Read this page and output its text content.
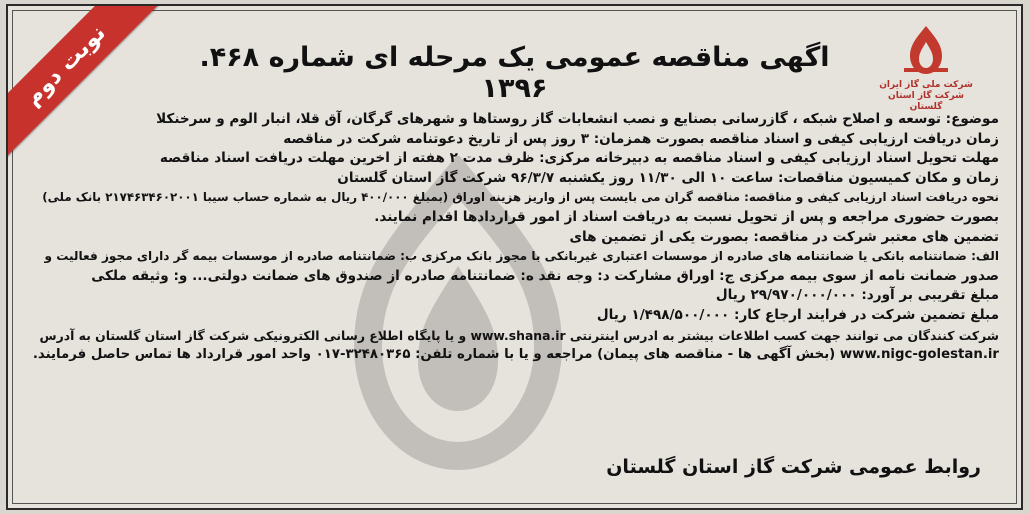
نوبت دوم	شرکت ملی گاز ایران
شرکت گاز استان گلستان
اگهی مناقصه عمومی یک مرحله ای شماره ۴۶۸. ۱۳۹۶
موضوع: توسعه و اصلاح شبکه ، گازرسانی بصنایع و نصب انشعابات گاز روستاها و شهرهای گرگان، آق قلا، انبار الوم و سرخنکلا
زمان دریافت ارزیابی کیفی و اسناد مناقصه بصورت همزمان: ۳ روز پس از تاریخ دعوتنامه شرکت در مناقصه
مهلت تحویل اسناد ارزیابی کیفی و اسناد مناقصه به دبیرخانه مرکزی: ظرف مدت ۲ هفته از اخرین مهلت دریافت اسناد مناقصه
زمان و مکان کمیسیون مناقصات: ساعت ۱۰ الی ۱۱/۳۰ روز یکشنبه ۹۶/۳/۷ شرکت گاز استان گلستان
نحوه دریافت اسناد ارزیابی کیفی و مناقصه: مناقصه گران می بایست پس از واریز هزینه اوراق (بمبلغ ۴۰۰/۰۰۰ ریال به شماره حساب سیبا ۲۱۷۴۶۳۴۶۰۲۰۰۱ بانک ملی)
بصورت حضوری مراجعه و پس از تحویل نسبت به دریافت اسناد از امور قراردادها اقدام نمایند.
تضمین های معتبر شرکت در مناقصه: بصورت یکی از تضمین های
الف: ضمانتنامه بانکی یا ضمانتنامه های صادره از موسسات اعتباری غیربانکی با مجوز بانک مرکزی ب: ضمانتنامه صادره از موسسات بیمه گر دارای مجوز فعالیت و
صدور ضمانت نامه از سوی بیمه مرکزی ج: اوراق مشارکت د: وجه نقد ه: ضمانتنامه صادره از صندوق های ضمانت دولتی... و: وثیقه ملکی
مبلغ تقریبی بر آورد: ۲۹/۹۷۰/۰۰۰/۰۰۰ ریال
مبلغ تضمین شرکت در فرایند ارجاع کار: ۱/۴۹۸/۵۰۰/۰۰۰ ریال
شرکت کنندگان می توانند جهت کسب اطلاعات بیشتر به ادرس اینترنتی www.shana.ir و یا پایگاه اطلاع رسانی الکترونیکی شرکت گاز استان گلستان به آدرس
www.nigc-golestan.ir (بخش آگهی ها - مناقصه های پیمان) مراجعه و یا با شماره تلفن: ۳۲۴۸۰۳۶۵-۰۱۷ واحد امور قرارداد ها تماس حاصل فرمایند.
روابط عمومی شرکت گاز استان گلستان
